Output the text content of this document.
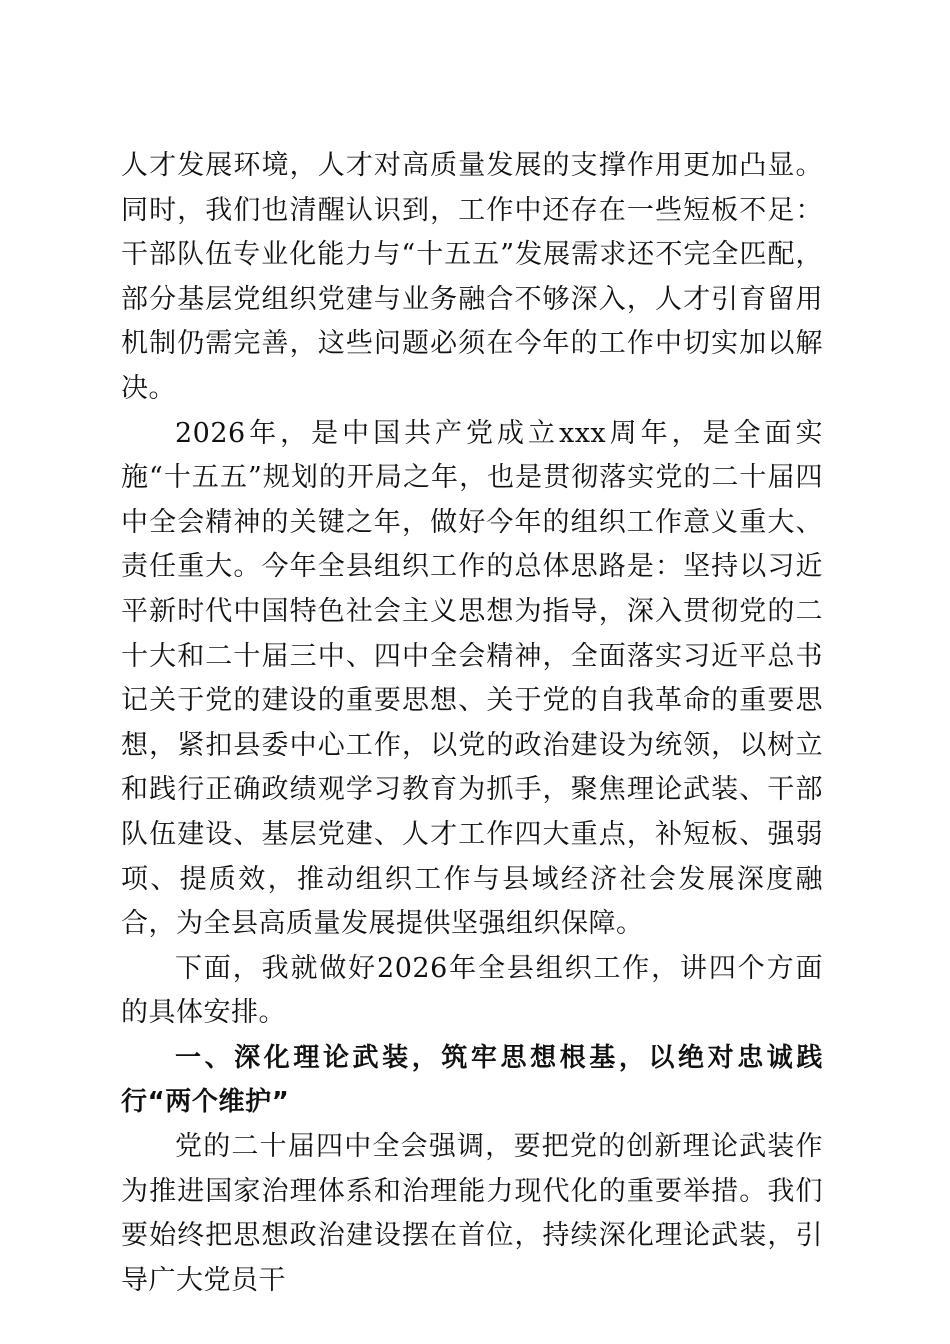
人才发展环境，人才对高质量发展的支撑作用更加凸显。同时，我们也清醒认识到，工作中还存在一些短板不足：干部队伍专业化能力与“十五五”发展需求还不完全匹配，部分基层党组织党建与业务融合不够深入，人才引育留用机制仍需完善，这些问题必须在今年的工作中切实加以解决。

2026年，是中国共产党成立xxx周年，是全面实施“十五五”规划的开局之年，也是贯彻落实党的二十届四中全会精神的关键之年，做好今年的组织工作意义重大、责任重大。今年全县组织工作的总体思路是：坚持以习近平新时代中国特色社会主义思想为指导，深入贯彻党的二十大和二十届三中、四中全会精神，全面落实习近平总书记关于党的建设的重要思想、关于党的自我革命的重要思想，紧扣县委中心工作，以党的政治建设为统领，以树立和践行正确政绩观学习教育为抓手，聚焦理论武装、干部队伍建设、基层党建、人才工作四大重点，补短板、强弱项、提质效，推动组织工作与县域经济社会发展深度融合，为全县高质量发展提供坚强组织保障。

下面，我就做好2026年全县组织工作，讲四个方面的具体安排。

一、深化理论武装，筑牢思想根基，以绝对忠诚践行“两个维护”

党的二十届四中全会强调，要把党的创新理论武装作为推进国家治理体系和治理能力现代化的重要举措。我们要始终把思想政治建设摆在首位，持续深化理论武装，引导广大党员干
